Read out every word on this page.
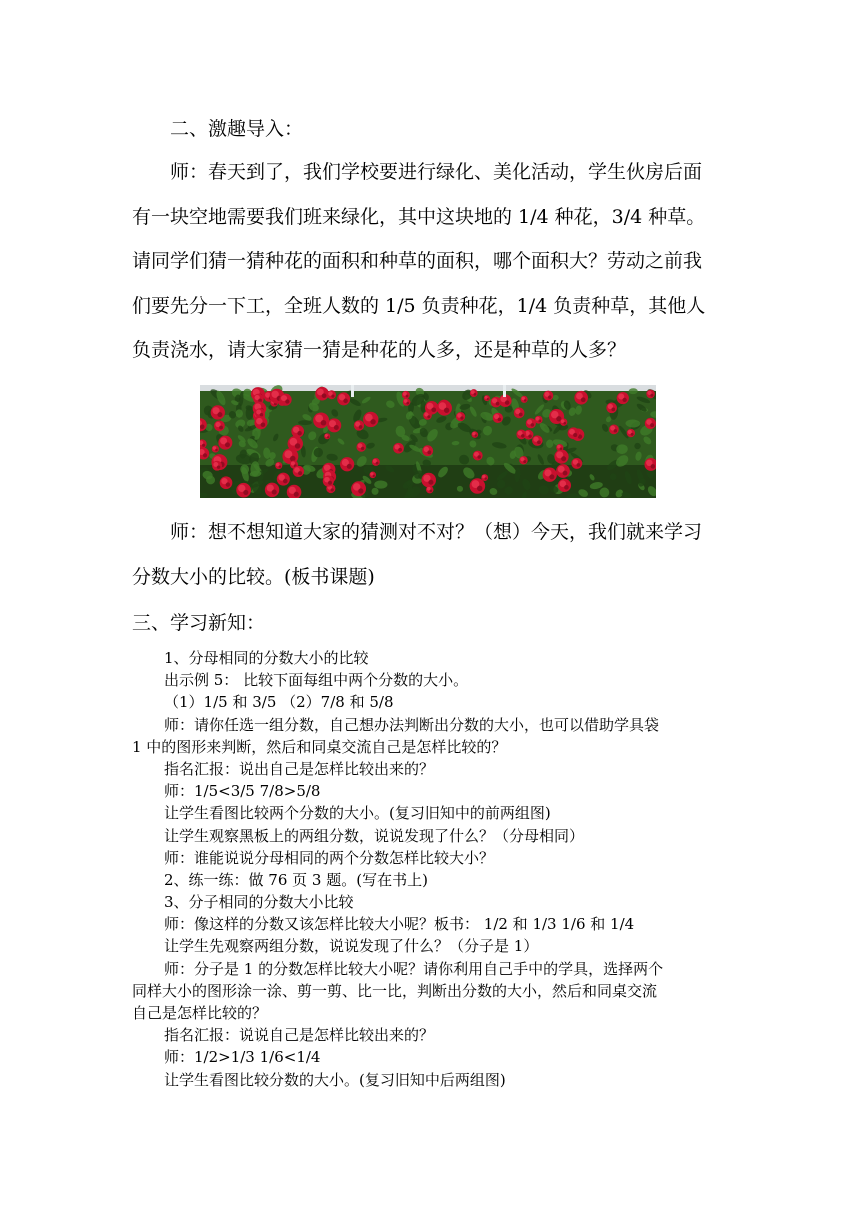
二、激趣导入：
师：春天到了，我们学校要进行绿化、美化活动，学生伙房后面
有一块空地需要我们班来绿化，其中这块地的 1/4 种花，3/4 种草。
请同学们猜一猜种花的面积和种草的面积，哪个面积大？劳动之前我
们要先分一下工，全班人数的 1/5 负责种花，1/4 负责种草，其他人
负责浇水，请大家猜一猜是种花的人多，还是种草的人多？
师：想不想知道大家的猜测对不对？（想）今天，我们就来学习
分数大小的比较。(板书课题)
三、学习新知：
1、分母相同的分数大小的比较
出示例 5： 比较下面每组中两个分数的大小。
（1）1/5 和 3/5 （2）7/8 和 5/8
师：请你任选一组分数，自己想办法判断出分数的大小，也可以借助学具袋
1 中的图形来判断，然后和同桌交流自己是怎样比较的？
指名汇报：说出自己是怎样比较出来的？
师：1/5<3/5 7/8>5/8
让学生看图比较两个分数的大小。(复习旧知中的前两组图)
让学生观察黑板上的两组分数，说说发现了什么？（分母相同）
师：谁能说说分母相同的两个分数怎样比较大小？
2、练一练：做 76 页 3 题。(写在书上)
3、分子相同的分数大小比较
师：像这样的分数又该怎样比较大小呢？板书： 1/2 和 1/3 1/6 和 1/4
让学生先观察两组分数，说说发现了什么？（分子是 1）
师：分子是 1 的分数怎样比较大小呢？请你利用自己手中的学具，选择两个
同样大小的图形涂一涂、剪一剪、比一比，判断出分数的大小，然后和同桌交流
自己是怎样比较的？
指名汇报：说说自己是怎样比较出来的？
师：1/2>1/3 1/6<1/4
让学生看图比较分数的大小。(复习旧知中后两组图)
